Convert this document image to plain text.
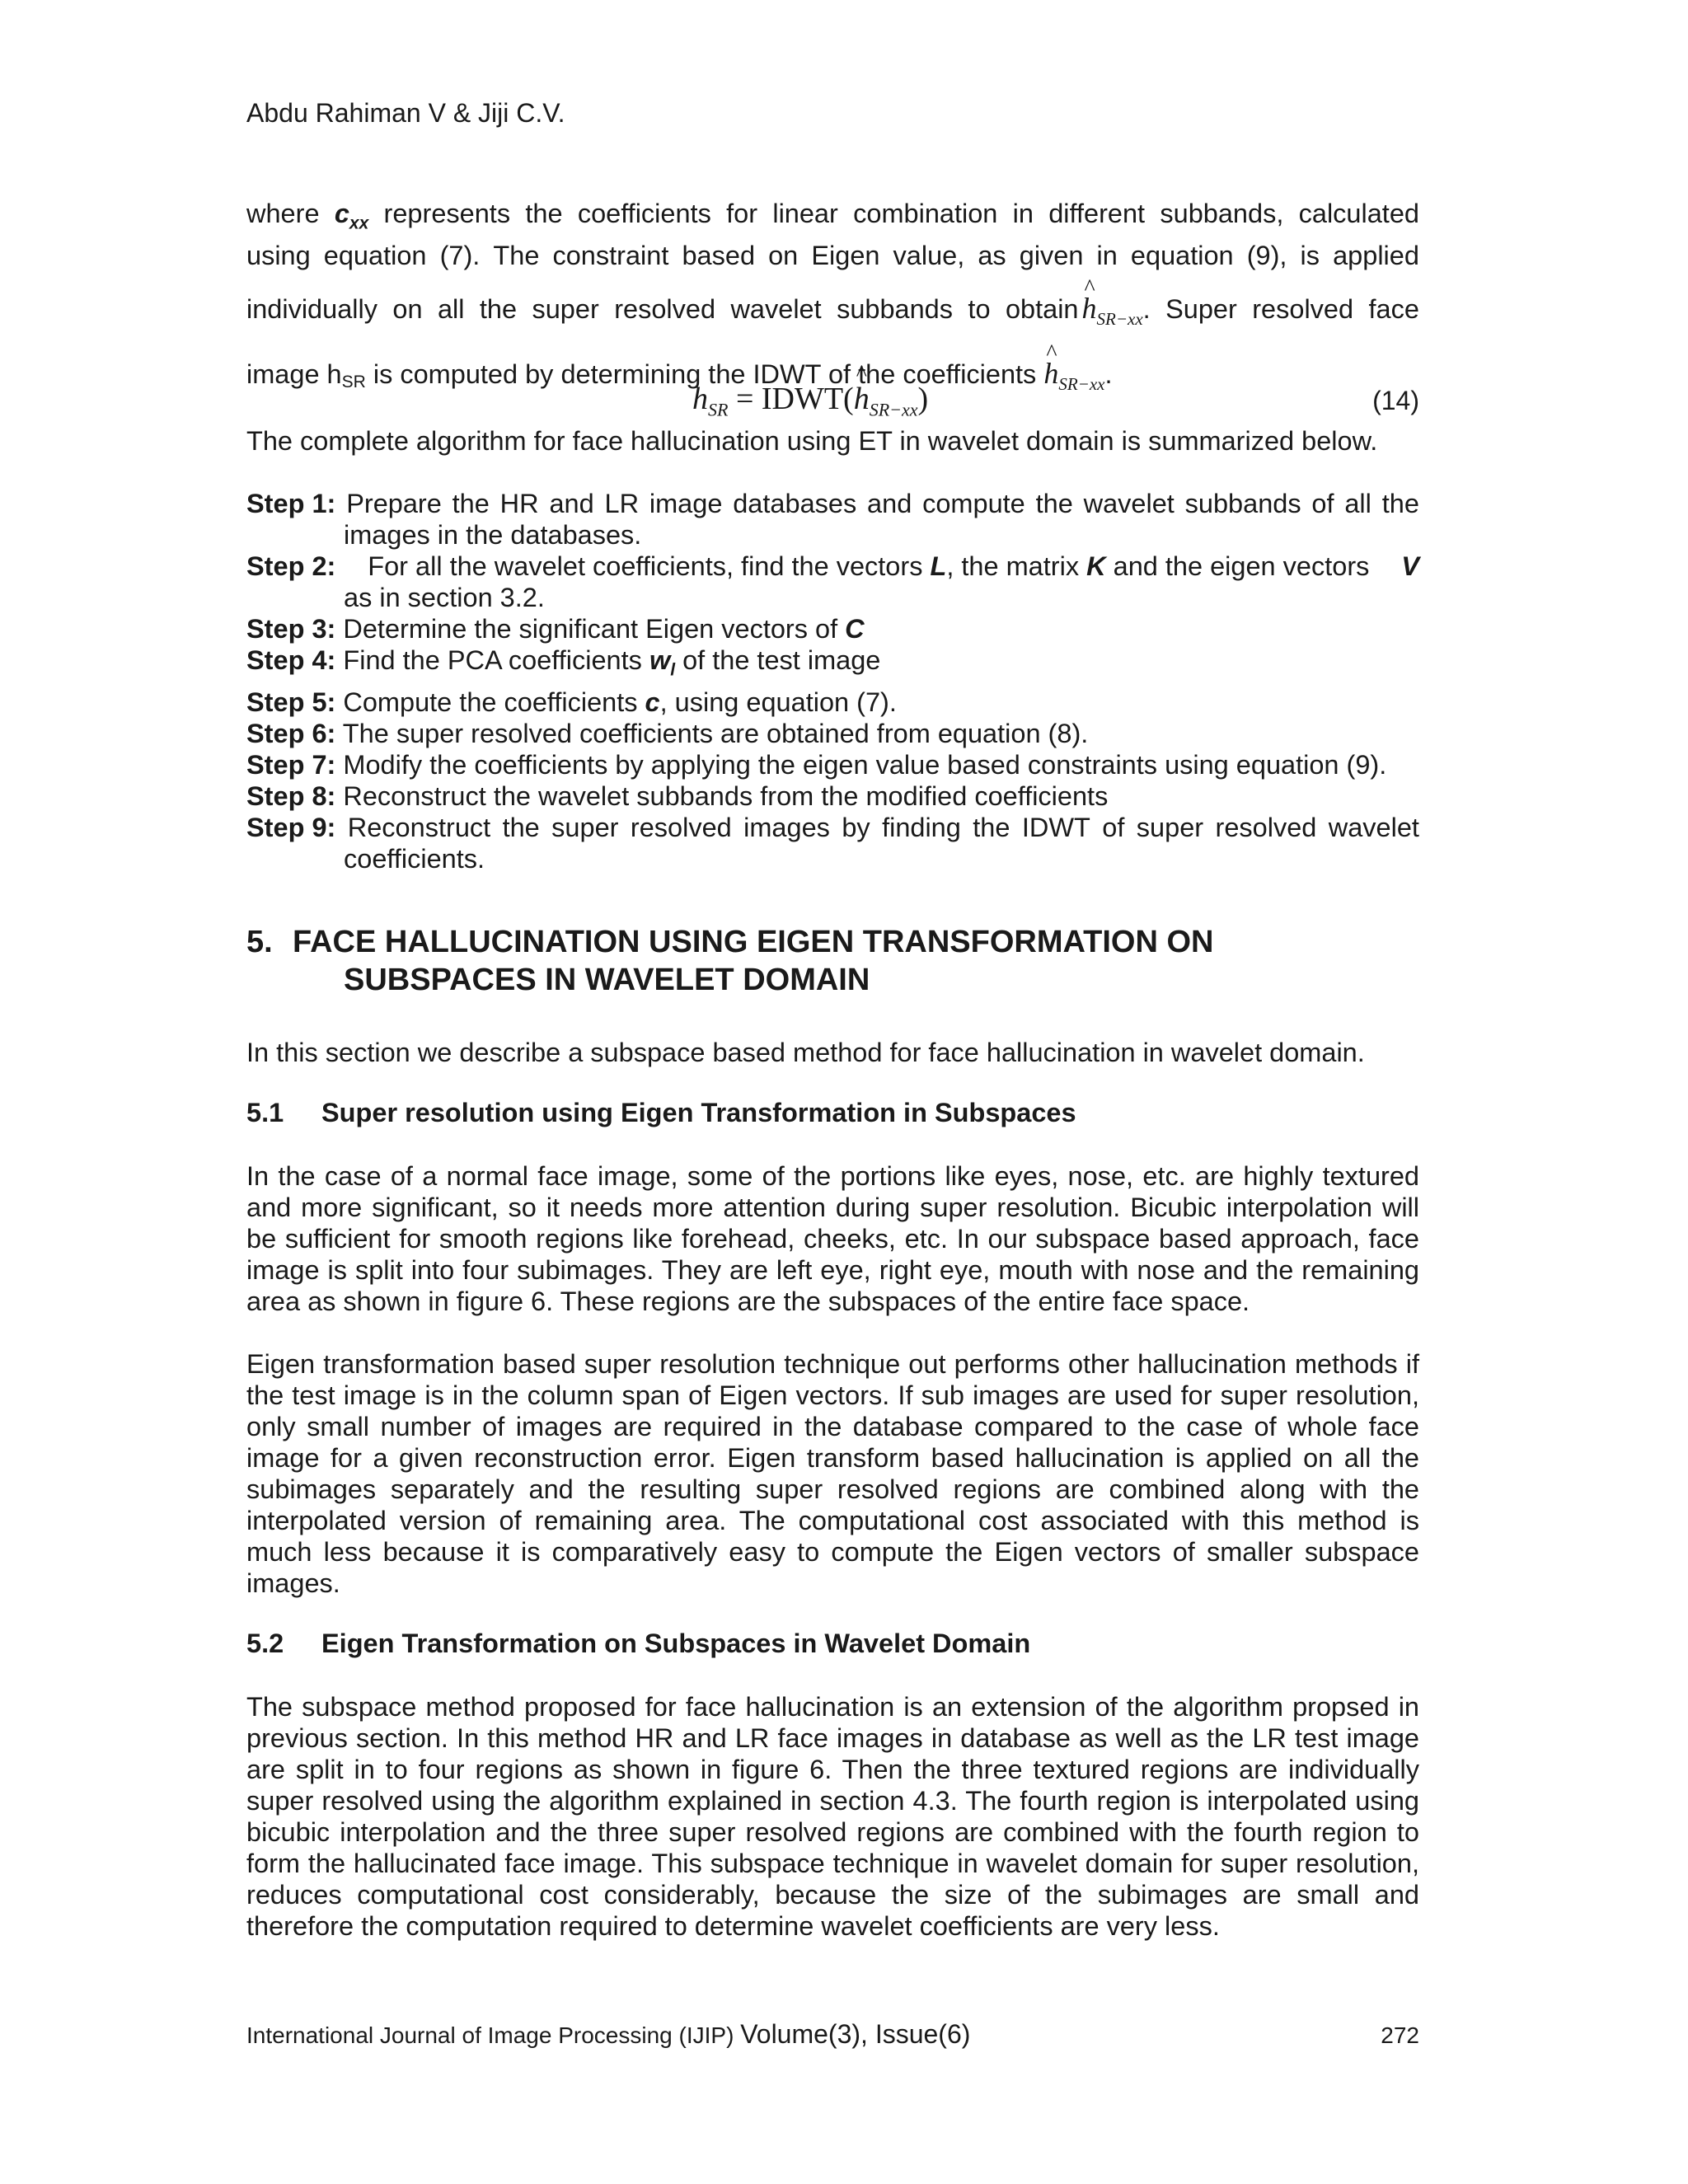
Abdu Rahiman V & Jiji C.V.
where $c_{xx}$ represents the coefficients for linear combination in different subbands, calculated
using equation (7). The constraint based on Eigen value, as given in equation (9), is applied
individually on all the super resolved wavelet subbands to obtain ^ $h_{SR-xx}$. Super resolved face
image hSR is computed by determining the IDWT of the coefficients ^ $h_{SR-xx}$.
$h_{SR}$ = IDWT(^ $h_{SR-xx}$)	(14)
The complete algorithm for face hallucination using ET in wavelet domain is summarized below.
Step 1: Prepare the HR and LR image databases and compute the wavelet subbands of all the
images in the databases.
Step 2: For all the wavelet coefficients, find the vectors L, the matrix K and the eigen vectors V
as in section 3.2.
Step 3: Determine the significant Eigen vectors of C
Step 4: Find the PCA coefficients $w_l$ of the test image
Step 5: Compute the coefficients c, using equation (7).
Step 6: The super resolved coefficients are obtained from equation (8).
Step 7: Modify the coefficients by applying the eigen value based constraints using equation (9).
Step 8: Reconstruct the wavelet subbands from the modified coefficients
Step 9: Reconstruct the super resolved images by finding the IDWT of super resolved wavelet
coefficients.
5. FACE HALLUCINATION USING EIGEN TRANSFORMATION ON
SUBSPACES IN WAVELET DOMAIN
In this section we describe a subspace based method for face hallucination in wavelet domain.
5.1 Super resolution using Eigen Transformation in Subspaces
In the case of a normal face image, some of the portions like eyes, nose, etc. are highly textured and more significant, so it needs more attention during super resolution. Bicubic interpolation will be sufficient for smooth regions like forehead, cheeks, etc. In our subspace based approach, face image is split into four subimages. They are left eye, right eye, mouth with nose and the remaining area as shown in figure 6. These regions are the subspaces of the entire face space.
Eigen transformation based super resolution technique out performs other hallucination methods if the test image is in the column span of Eigen vectors. If sub images are used for super resolution, only small number of images are required in the database compared to the case of whole face image for a given reconstruction error. Eigen transform based hallucination is applied on all the subimages separately and the resulting super resolved regions are combined along with the interpolated version of remaining area. The computational cost associated with this method is much less because it is comparatively easy to compute the Eigen vectors of smaller subspace images.
5.2 Eigen Transformation on Subspaces in Wavelet Domain
The subspace method proposed for face hallucination is an extension of the algorithm propsed in previous section. In this method HR and LR face images in database as well as the LR test image are split in to four regions as shown in figure 6. Then the three textured regions are individually super resolved using the algorithm explained in section 4.3. The fourth region is interpolated using bicubic interpolation and the three super resolved regions are combined with the fourth region to form the hallucinated face image. This subspace technique in wavelet domain for super resolution, reduces computational cost considerably, because the size of the subimages are small and therefore the computation required to determine wavelet coefficients are very less.
International Journal of Image Processing (IJIP) Volume(3), Issue(6)	272
